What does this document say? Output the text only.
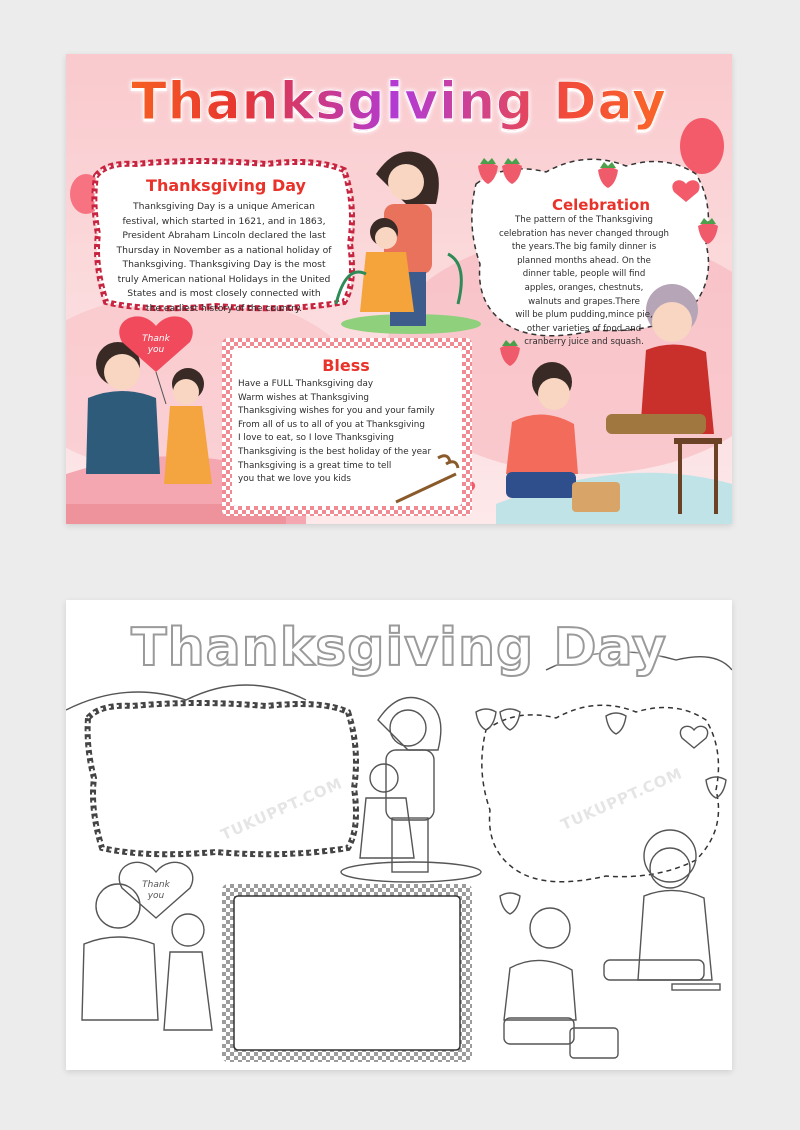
Thanksgiving Day
Thanksgiving Day
Thanksgiving Day is a unique American
festival, which started in 1621, and in 1863,
President Abraham Lincoln declared the last
Thursday in November as a national holiday of
Thanksgiving. Thanksgiving Day is the most
truly American national Holidays in the United
States and is most closely connected with
the earliest history of the country.
Celebration
The pattern of the Thanksgiving
celebration has never changed through
the years.The big family dinner is
planned months ahead. On the
dinner table, people will find
apples, oranges, chestnuts,
walnuts and grapes.There
will be plum pudding,mince pie,
other varieties of food and
cranberry juice and squash.
Bless
Have a FULL Thanksgiving day
Warm wishes at Thanksgiving
Thanksgiving wishes for you and your family
From all of us to all of you at Thanksgiving
I love to eat, so I love Thanksgiving
Thanksgiving is the best holiday of the year
Thanksgiving is a great time to tell
you that we love you kids
Thank
you
Thanksgiving Day
Thank
you
TUKUPPT.COM	TUKUPPT.COM
